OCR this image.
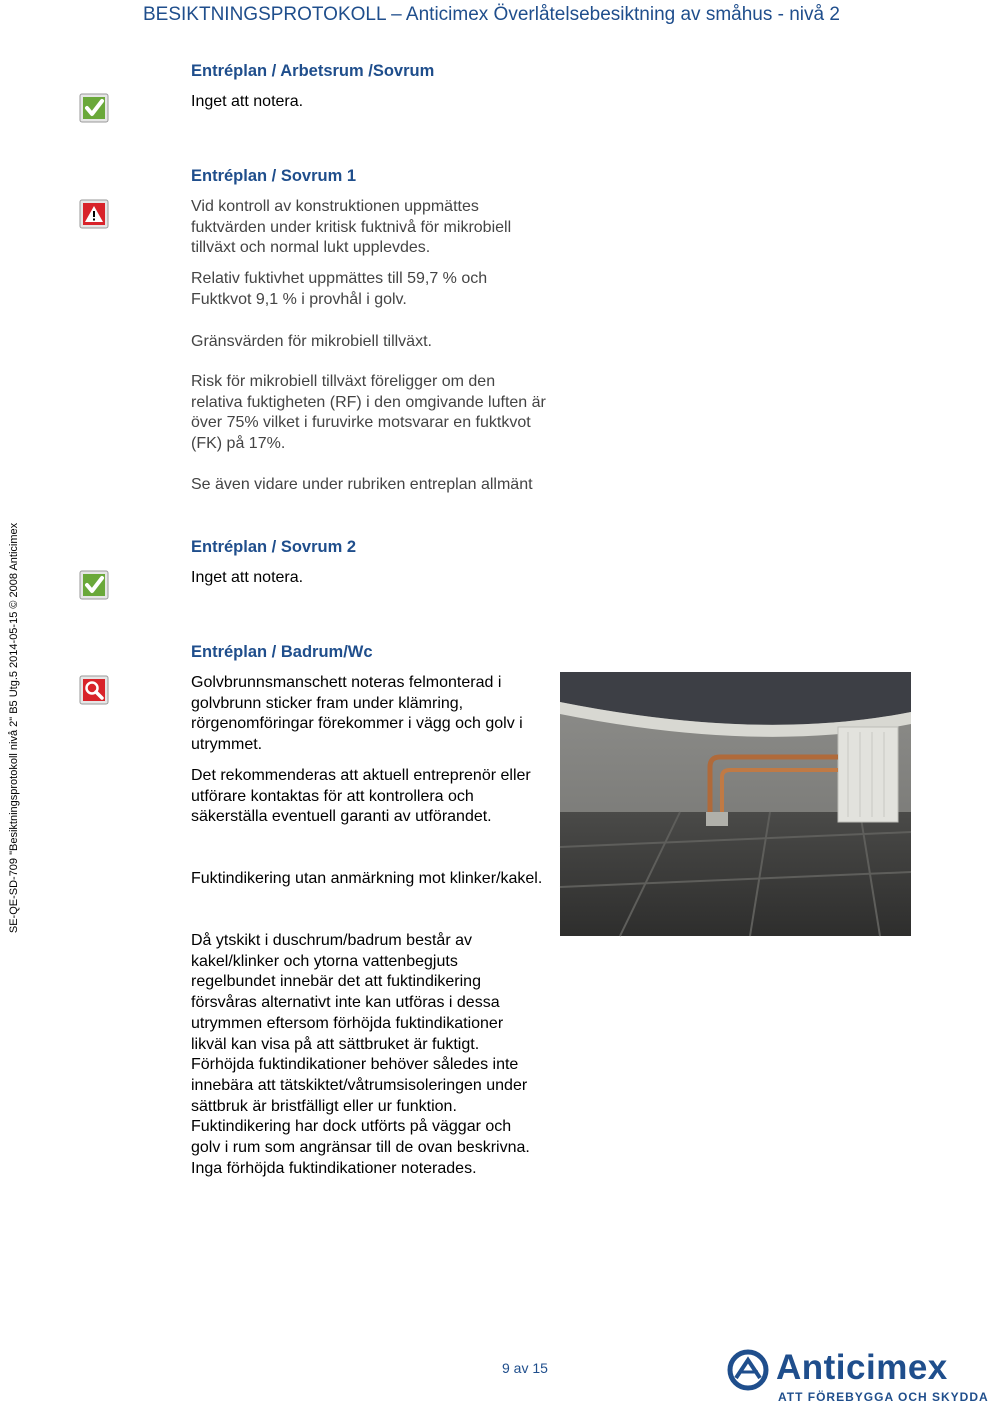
BESIKTNINGSPROTOKOLL – Anticimex Överlåtelsebesiktning av småhus - nivå 2
SE-QE-SD-709 "Besiktningsprotokoll nivå 2" B5 Utg.5 2014-05-15 © 2008 Anticimex
Entréplan / Arbetsrum /Sovrum

Inget att notera.

Entréplan / Sovrum 1

Vid kontroll av konstruktionen uppmättes fuktvärden under kritisk fuktnivå för mikrobiell tillväxt och normal lukt upplevdes.

Relativ fuktivhet uppmättes till 59,7 % och Fuktkvot 9,1 % i provhål i golv.

Gränsvärden för mikrobiell tillväxt.

Risk för mikrobiell tillväxt föreligger om den relativa fuktigheten (RF) i den omgivande luften är över 75% vilket i furuvirke motsvarar en fuktkvot (FK) på 17%.

Se även vidare under rubriken entreplan allmänt

Entréplan / Sovrum 2

Inget att notera.

Entréplan / Badrum/Wc

Golvbrunnsmanschett noteras felmonterad i golvbrunn sticker fram under klämring, rörgenomföringar förekommer i vägg och golv i utrymmet.

Det rekommenderas att aktuell entreprenör eller utförare kontaktas för att kontrollera och säkerställa eventuell garanti av utförandet.

Fuktindikering utan anmärkning mot klinker/kakel.

Då ytskikt i duschrum/badrum består av kakel/klinker och ytorna vattenbegjuts regelbundet innebär det att fuktindikering försvåras alternativt inte kan utföras i dessa utrymmen eftersom förhöjda fuktindikationer likväl kan visa på att sättbruket är fuktigt. Förhöjda fuktindikationer behöver således inte innebära att tätskiktet/våtrumsisoleringen under sättbruk är bristfälligt eller ur funktion. Fuktindikering har dock utförts på väggar och golv i rum som angränsar till de ovan beskrivna. Inga förhöjda fuktindikationer noterades.

9 av 15	Anticimex
ATT FÖREBYGGA OCH SKYDDA
